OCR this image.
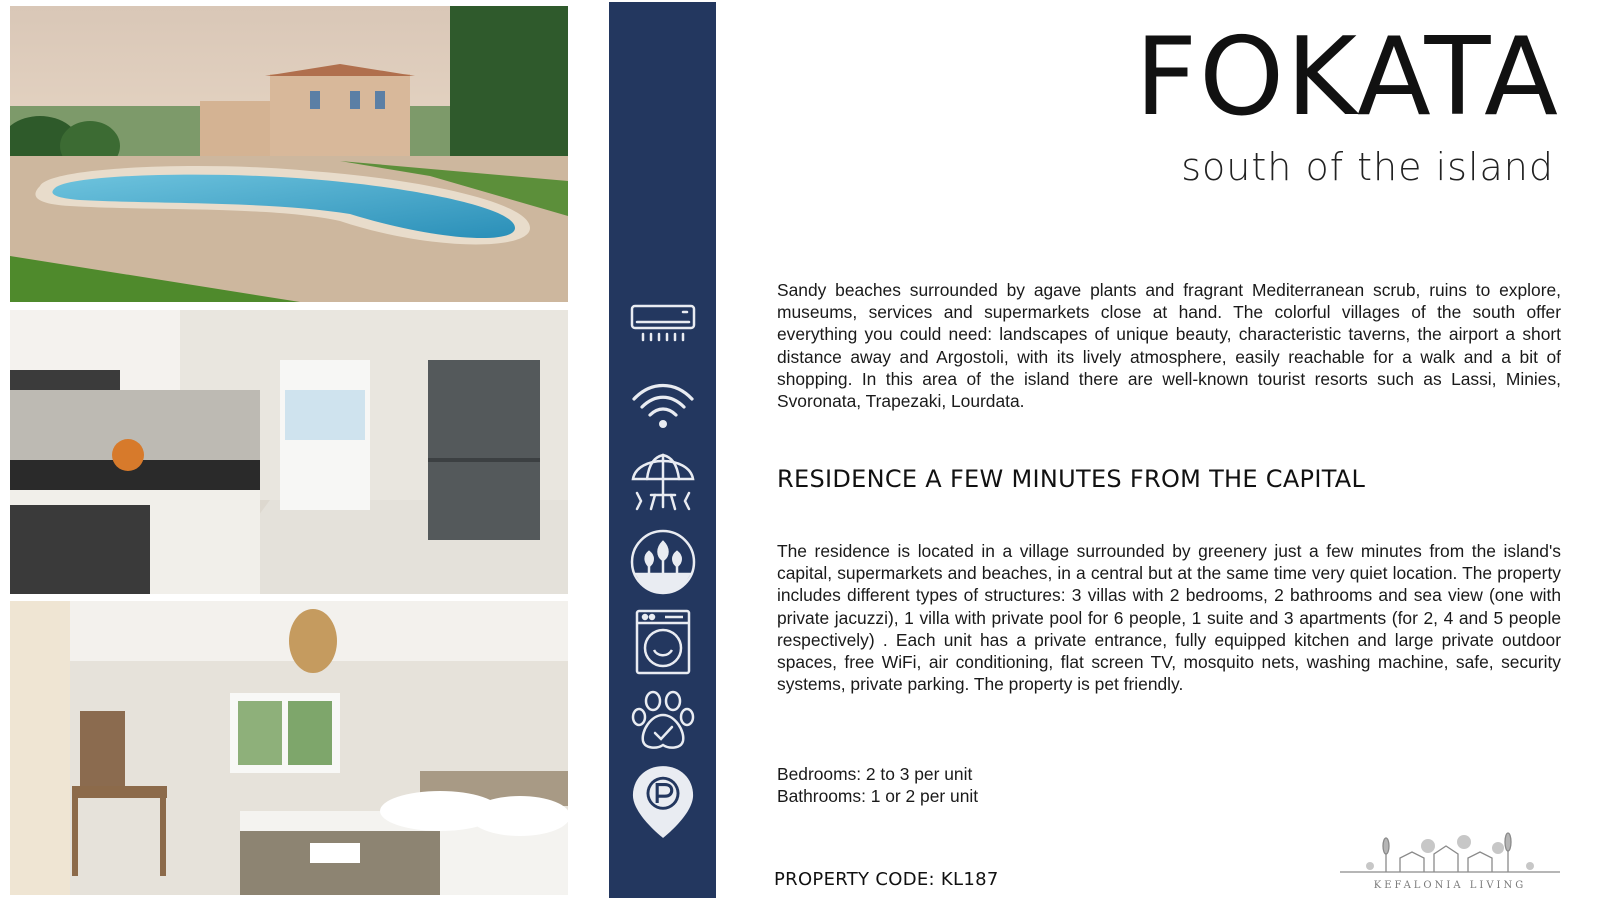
FOKATA
south of the island
Sandy beaches surrounded by agave plants and fragrant Mediterranean scrub, ruins to explore, museums, services and supermarkets close at hand. The colorful villages of the south offer everything you could need: landscapes of unique beauty, characteristic taverns, the airport a short distance away and Argostoli, with its lively atmosphere, easily reachable for a walk and a bit of shopping. In this area of the island there are well-known tourist resorts such as Lassi, Minies, Svoronata, Trapezaki, Lourdata.
RESIDENCE A FEW MINUTES FROM THE CAPITAL
The residence is located in a village surrounded by greenery just a few minutes from the island's capital, supermarkets and beaches, in a central but at the same time very quiet location. The property includes different types of structures: 3 villas with 2 bedrooms, 2 bathrooms and sea view (one with private jacuzzi), 1 villa with private pool for 6 people, 1 suite and 3 apartments (for 2, 4 and 5 people respectively) . Each unit has a private entrance, fully equipped kitchen and large private outdoor spaces, free WiFi, air conditioning, flat screen TV, mosquito nets, washing machine, safe, security systems, private parking. The property is pet friendly.
Bedrooms: 2 to 3 per unit
Bathrooms: 1 or 2 per unit
PROPERTY CODE: KL187	KEFALONIA LIVING
